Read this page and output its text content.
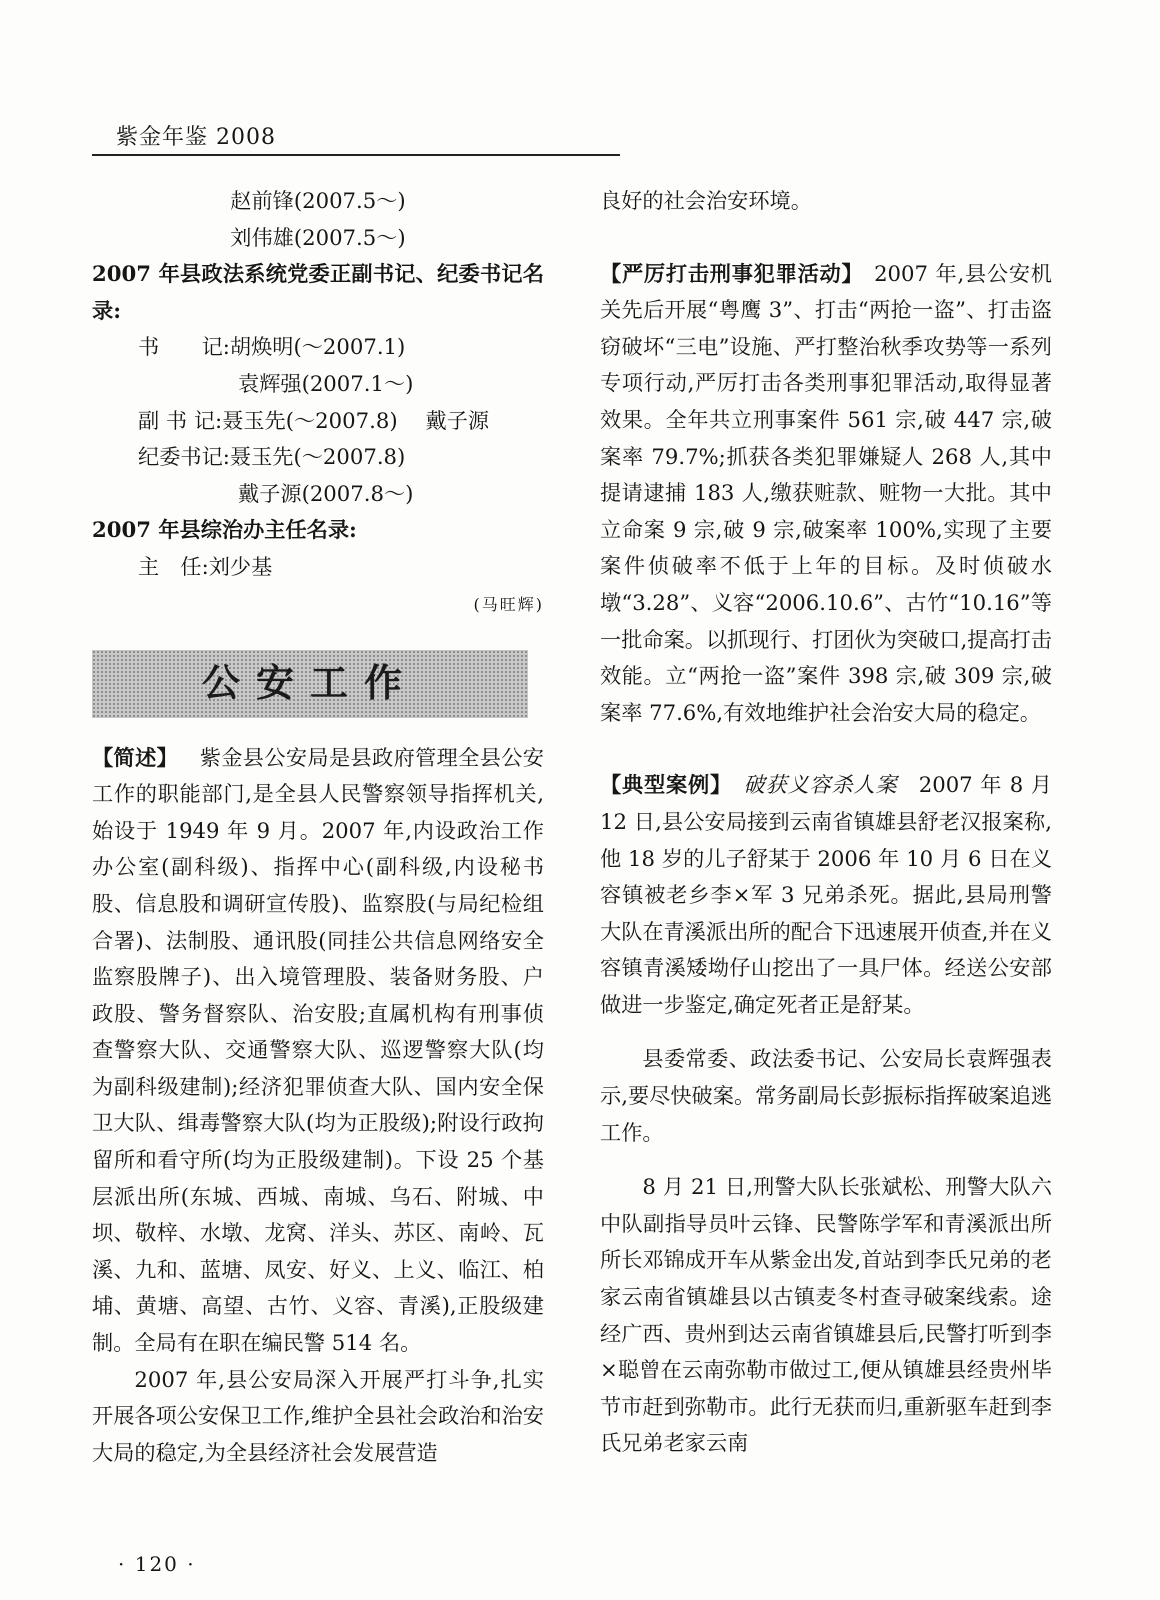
紫金年鉴 2008

赵前锋(2007.5～)

刘伟雄(2007.5～)

2007 年县政法系统党委正副书记、纪委书记名录:

书　　记:胡焕明(～2007.1)

袁辉强(2007.1～)

副 书 记:聂玉先(～2007.8)　 戴子源

纪委书记:聂玉先(～2007.8)

戴子源(2007.8～)

2007 年县综治办主任名录:

主　任:刘少基

(马旺辉)

公安工作

【简述】  紫金县公安局是县政府管理全县公安工作的职能部门,是全县人民警察领导指挥机关,始设于 1949 年 9 月。2007 年,内设政治工作办公室(副科级)、指挥中心(副科级,内设秘书股、信息股和调研宣传股)、监察股(与局纪检组合署)、法制股、通讯股(同挂公共信息网络安全监察股牌子)、出入境管理股、装备财务股、户政股、警务督察队、治安股;直属机构有刑事侦查警察大队、交通警察大队、巡逻警察大队(均为副科级建制);经济犯罪侦查大队、国内安全保卫大队、缉毒警察大队(均为正股级);附设行政拘留所和看守所(均为正股级建制)。下设 25 个基层派出所(东城、西城、南城、乌石、附城、中坝、敬梓、水墩、龙窝、洋头、苏区、南岭、瓦溪、九和、蓝塘、凤安、好义、上义、临江、柏埔、黄塘、高望、古竹、义容、青溪),正股级建制。全局有在职在编民警 514 名。

2007 年,县公安局深入开展严打斗争,扎实开展各项公安保卫工作,维护全县社会政治和治安大局的稳定,为全县经济社会发展营造

良好的社会治安环境。

【严厉打击刑事犯罪活动】  2007 年,县公安机关先后开展“粤鹰 3”、打击“两抢一盗”、打击盗窃破坏“三电”设施、严打整治秋季攻势等一系列专项行动,严厉打击各类刑事犯罪活动,取得显著效果。全年共立刑事案件 561 宗,破 447 宗,破案率 79.7%;抓获各类犯罪嫌疑人 268 人,其中提请逮捕 183 人,缴获赃款、赃物一大批。其中立命案 9 宗,破 9 宗,破案率 100%,实现了主要案件侦破率不低于上年的目标。及时侦破水墩“3.28”、义容“2006.10.6”、古竹“10.16”等一批命案。以抓现行、打团伙为突破口,提高打击效能。立“两抢一盗”案件 398 宗,破 309 宗,破案率 77.6%,有效地维护社会治安大局的稳定。

【典型案例】  破获义容杀人案  2007 年 8 月 12 日,县公安局接到云南省镇雄县舒老汉报案称,他 18 岁的儿子舒某于 2006 年 10 月 6 日在义容镇被老乡李×军 3 兄弟杀死。据此,县局刑警大队在青溪派出所的配合下迅速展开侦查,并在义容镇青溪矮坳仔山挖出了一具尸体。经送公安部做进一步鉴定,确定死者正是舒某。

县委常委、政法委书记、公安局长袁辉强表示,要尽快破案。常务副局长彭振标指挥破案追逃工作。

8 月 21 日,刑警大队长张斌松、刑警大队六中队副指导员叶云锋、民警陈学军和青溪派出所所长邓锦成开车从紫金出发,首站到李氏兄弟的老家云南省镇雄县以古镇麦冬村查寻破案线索。途经广西、贵州到达云南省镇雄县后,民警打听到李×聪曾在云南弥勒市做过工,便从镇雄县经贵州毕节市赶到弥勒市。此行无获而归,重新驱车赶到李氏兄弟老家云南

· 120 ·
